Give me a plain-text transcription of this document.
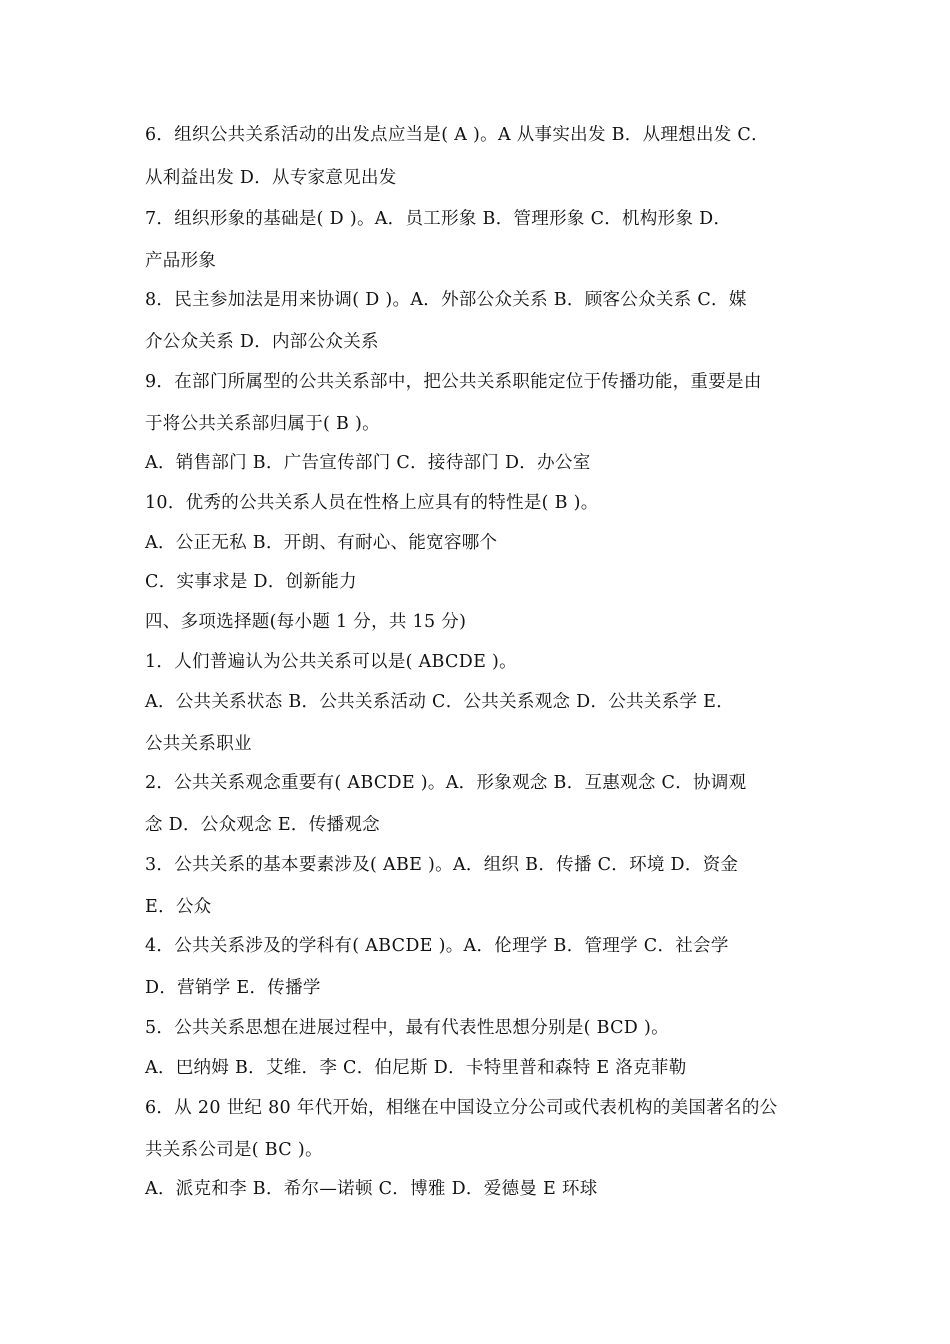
6．组织公共关系活动的出发点应当是( A )。A 从事实出发 B．从理想出发 C．

从利益出发 D．从专家意见出发

7．组织形象的基础是( D )。A．员工形象 B．管理形象 C．机构形象 D．

产品形象

8．民主参加法是用来协调( D )。A．外部公众关系 B．顾客公众关系 C．媒

介公众关系 D．内部公众关系

9．在部门所属型的公共关系部中，把公共关系职能定位于传播功能，重要是由

于将公共关系部归属于( B )。

A．销售部门 B．广告宣传部门 C．接待部门 D．办公室

10．优秀的公共关系人员在性格上应具有的特性是( B )。

A．公正无私 B．开朗、有耐心、能宽容哪个

C．实事求是 D．创新能力

四、多项选择题(每小题 1 分，共 15 分)

1．人们普遍认为公共关系可以是( ABCDE )。

A．公共关系状态 B．公共关系活动 C．公共关系观念 D．公共关系学 E．

公共关系职业

2．公共关系观念重要有( ABCDE )。A．形象观念 B．互惠观念 C．协调观

念 D．公众观念 E．传播观念

3．公共关系的基本要素涉及( ABE )。A．组织 B．传播 C．环境 D．资金

E．公众

4．公共关系涉及的学科有( ABCDE )。A．伦理学 B．管理学 C．社会学

D．营销学 E．传播学

5．公共关系思想在进展过程中，最有代表性思想分别是( BCD )。

A．巴纳姆 B．艾维．李 C．伯尼斯 D．卡特里普和森特 E 洛克菲勒

6．从 20 世纪 80 年代开始，相继在中国设立分公司或代表机构的美国著名的公

共关系公司是( BC )。

A．派克和李 B．希尔—诺顿 C．博雅 D．爱德曼 E 环球
